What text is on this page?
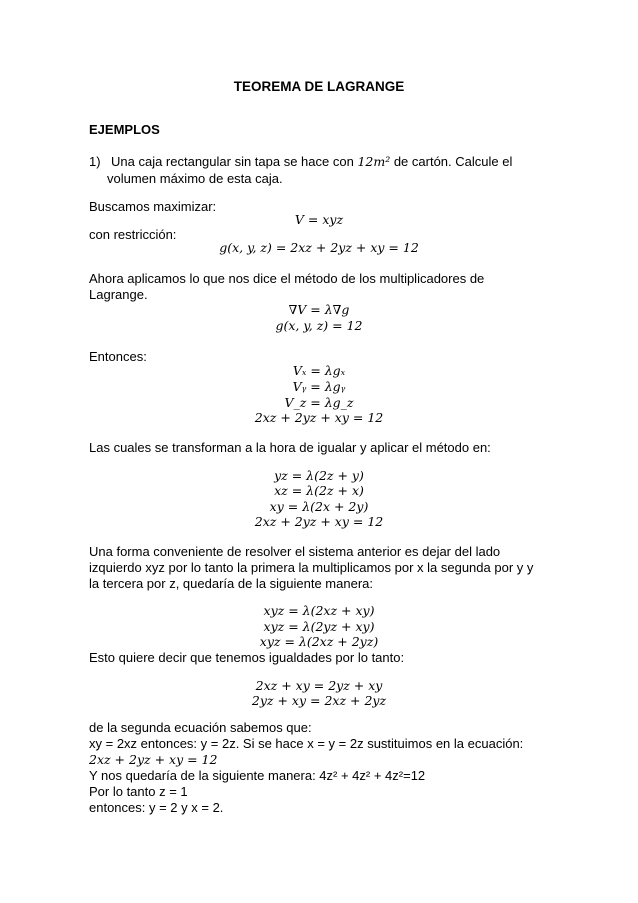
TEOREMA DE LAGRANGE
EJEMPLOS
1) Una caja rectangular sin tapa se hace con 12m² de cartón. Calcule el
volumen máximo de esta caja.
Buscamos maximizar:
V = xyz
con restricción:
g(x, y, z) = 2xz + 2yz + xy = 12
Ahora aplicamos lo que nos dice el método de los multiplicadores de
Lagrange.
∇V = λ∇g
g(x, y, z) = 12
Entonces:
Vₓ = λgₓ
Vᵧ = λgᵧ
V_z = λg_z
2xz + 2yz + xy = 12
Las cuales se transforman a la hora de igualar y aplicar el método en:
yz = λ(2z + y)
xz = λ(2z + x)
xy = λ(2x + 2y)
2xz + 2yz + xy = 12
Una forma conveniente de resolver el sistema anterior es dejar del lado
izquierdo xyz por lo tanto la primera la multiplicamos por x la segunda por y y
la tercera por z, quedaría de la siguiente manera:
xyz = λ(2xz + xy)
xyz = λ(2yz + xy)
xyz = λ(2xz + 2yz)
Esto quiere decir que tenemos igualdades por lo tanto:
2xz + xy = 2yz + xy
2yz + xy = 2xz + 2yz
de la segunda ecuación sabemos que:
xy = 2xz entonces: y = 2z. Si se hace x = y = 2z sustituimos en la ecuación:
2xz + 2yz + xy = 12
Y nos quedaría de la siguiente manera: 4z² + 4z² + 4z²=12
Por lo tanto z = 1
entonces: y = 2 y x = 2.
